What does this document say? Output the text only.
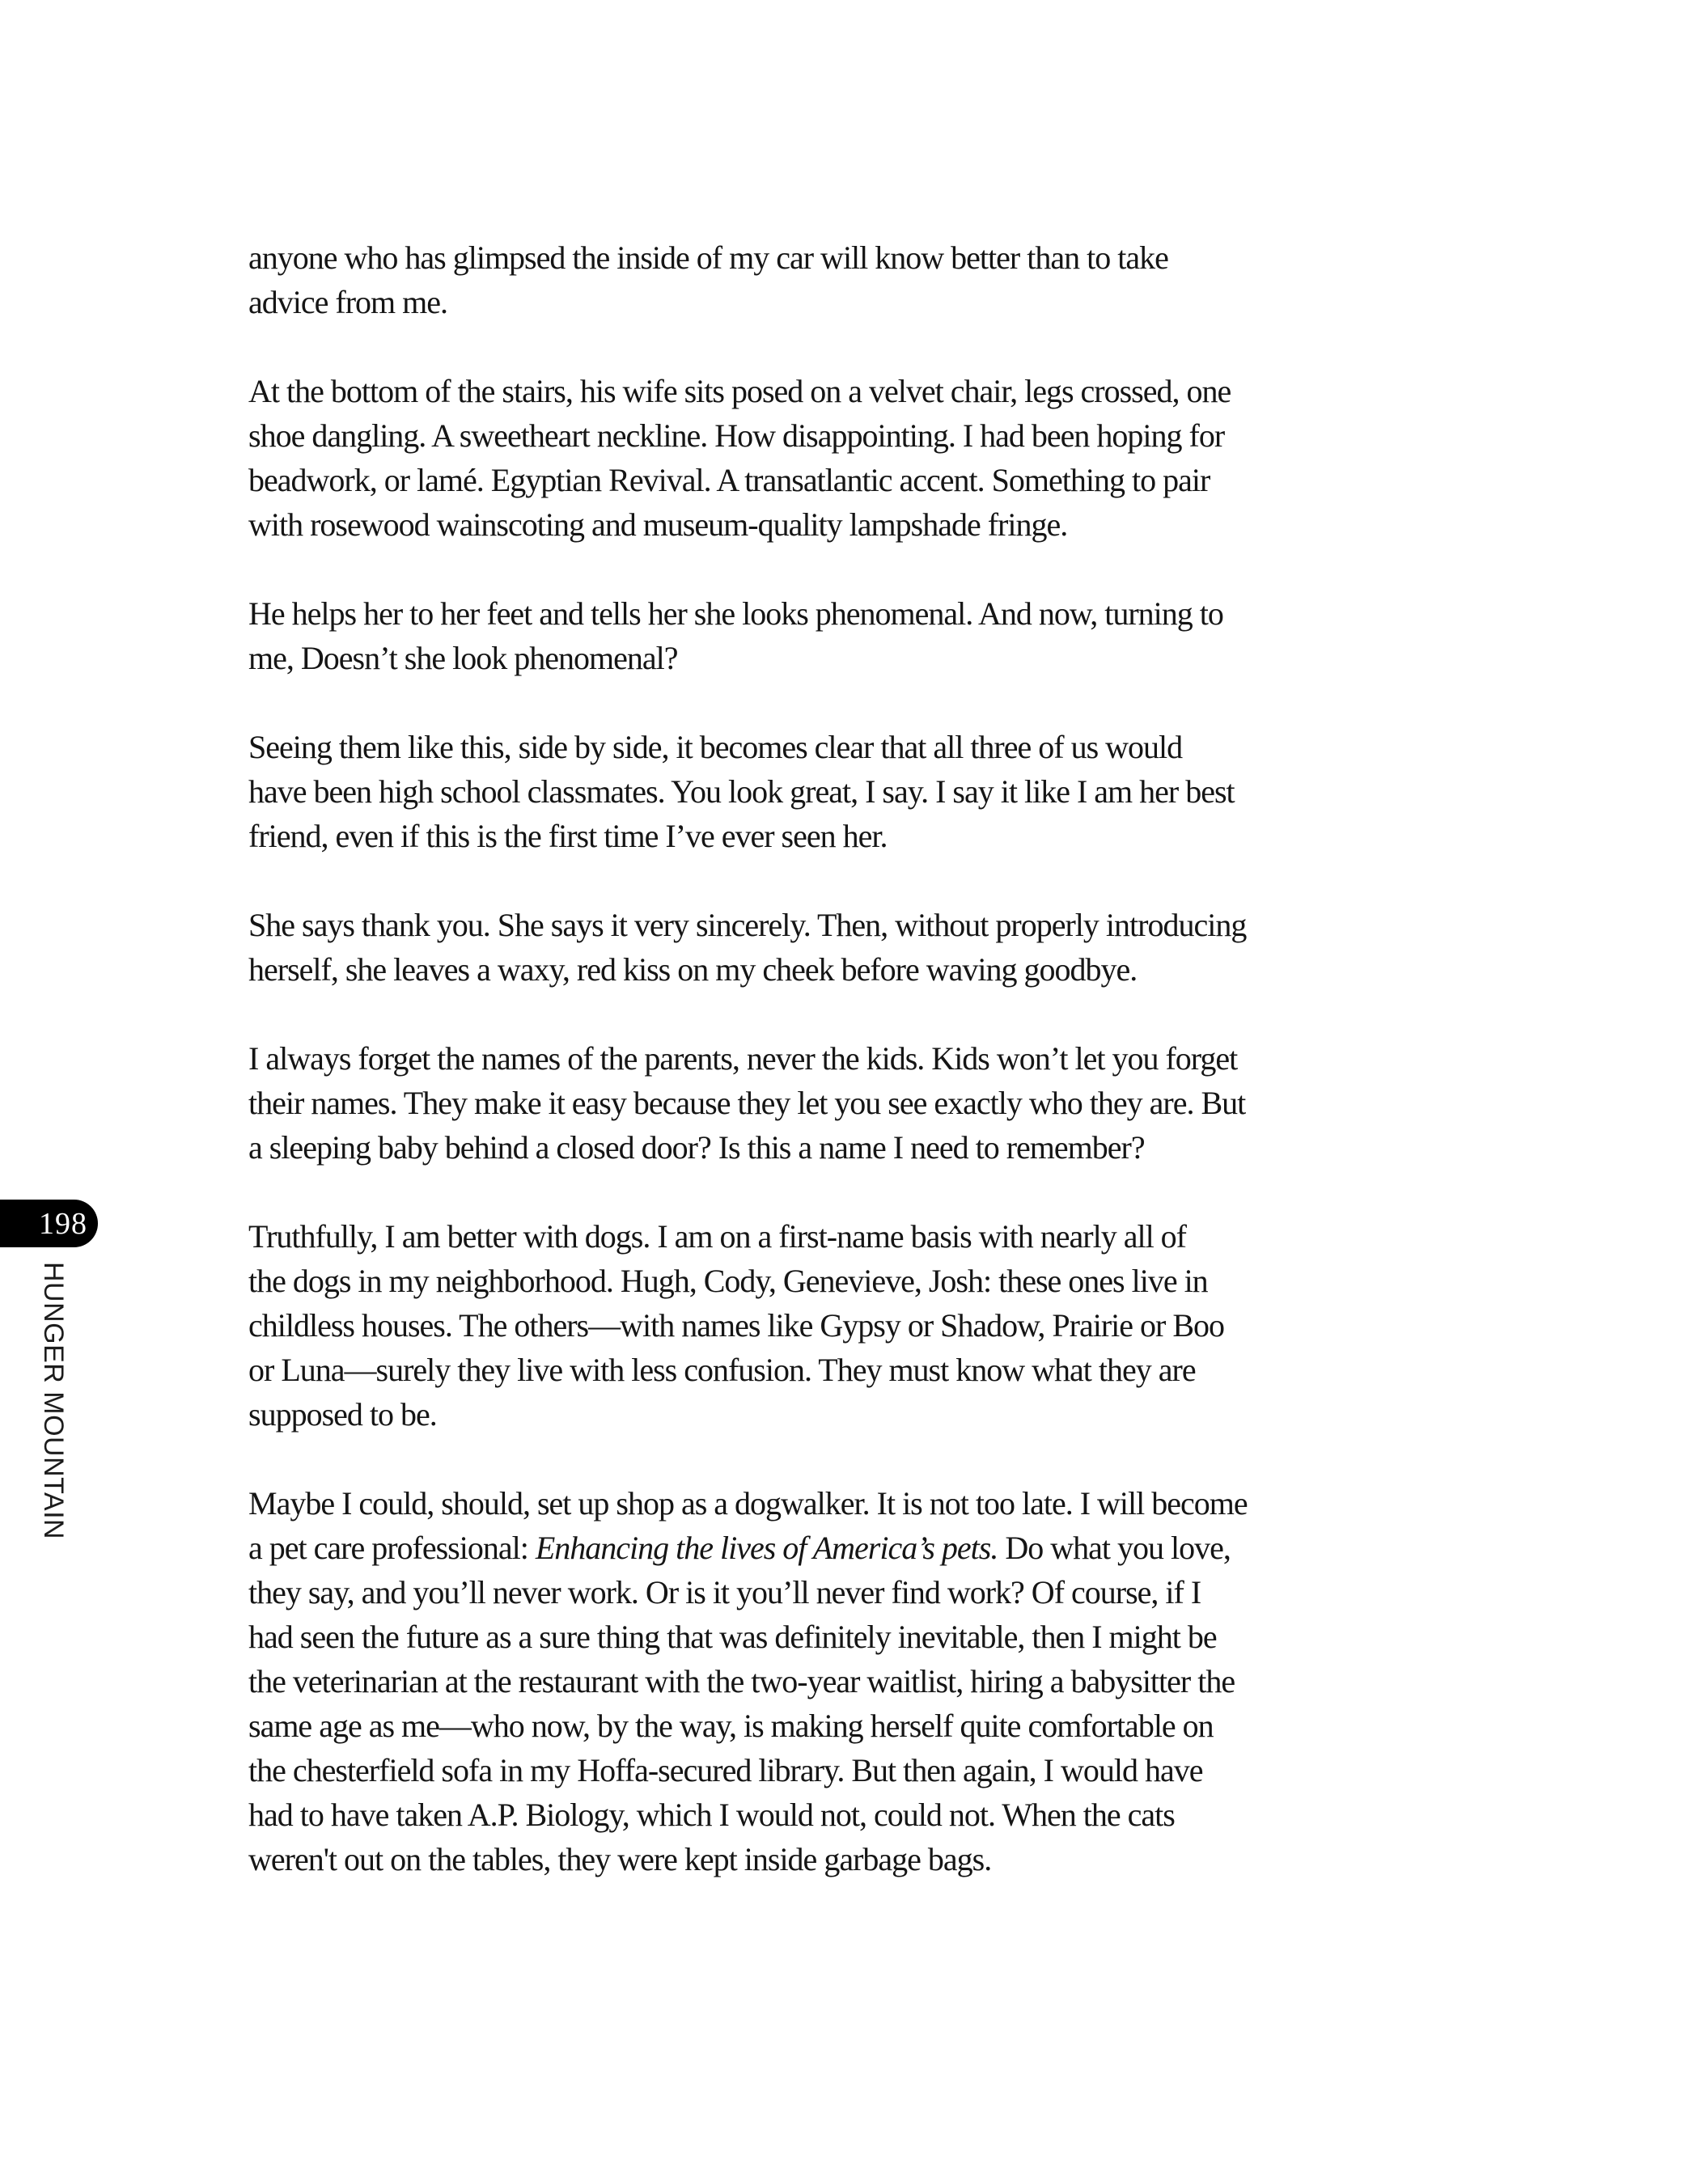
198
HUNGER MOUNTAIN
anyone who has glimpsed the inside of my car will know better than to take
advice from me.
At the bottom of the stairs, his wife sits posed on a velvet chair, legs crossed, one
shoe dangling. A sweetheart neckline. How disappointing. I had been hoping for
beadwork, or lamé. Egyptian Revival. A transatlantic accent. Something to pair
with rosewood wainscoting and museum-quality lampshade fringe.
He helps her to her feet and tells her she looks phenomenal. And now, turning to
me, Doesn’t she look phenomenal?
Seeing them like this, side by side, it becomes clear that all three of us would
have been high school classmates. You look great, I say. I say it like I am her best
friend, even if this is the first time I’ve ever seen her.
She says thank you. She says it very sincerely. Then, without properly introducing
herself, she leaves a waxy, red kiss on my cheek before waving goodbye.
I always forget the names of the parents, never the kids. Kids won’t let you forget
their names. They make it easy because they let you see exactly who they are. But
a sleeping baby behind a closed door? Is this a name I need to remember?
Truthfully, I am better with dogs. I am on a first-name basis with nearly all of
the dogs in my neighborhood. Hugh, Cody, Genevieve, Josh: these ones live in
childless houses. The others—with names like Gypsy or Shadow, Prairie or Boo
or Luna—surely they live with less confusion. They must know what they are
supposed to be.
Maybe I could, should, set up shop as a dogwalker. It is not too late. I will become
a pet care professional: Enhancing the lives of America’s pets. Do what you love,
they say, and you’ll never work. Or is it you’ll never find work? Of course, if I
had seen the future as a sure thing that was definitely inevitable, then I might be
the veterinarian at the restaurant with the two-year waitlist, hiring a babysitter the
same age as me—who now, by the way, is making herself quite comfortable on
the chesterfield sofa in my Hoffa-secured library. But then again, I would have
had to have taken A.P. Biology, which I would not, could not. When the cats
weren't out on the tables, they were kept inside garbage bags.
